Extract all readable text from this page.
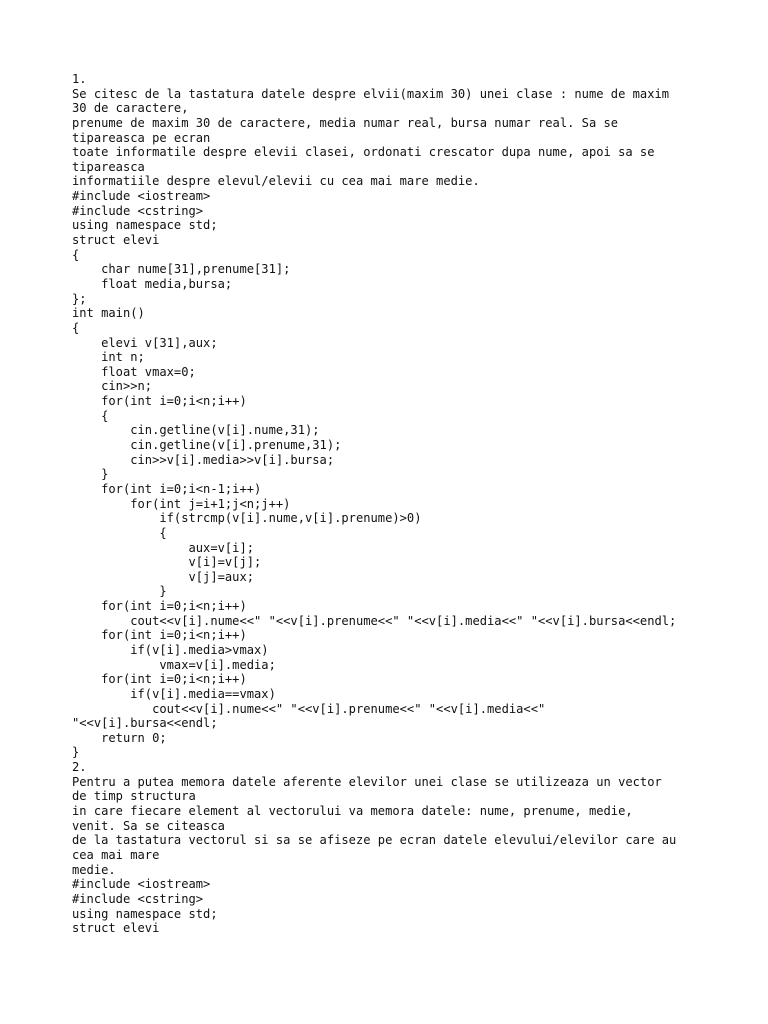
1.
Se citesc de la tastatura datele despre elvii(maxim 30) unei clase : nume de maxim
30 de caractere,
prenume de maxim 30 de caractere, media numar real, bursa numar real. Sa se
tipareasca pe ecran
toate informatile despre elevii clasei, ordonati crescator dupa nume, apoi sa se
tipareasca
informatiile despre elevul/elevii cu cea mai mare medie.
#include <iostream>
#include <cstring>
using namespace std;
struct elevi
{
char nume[31],prenume[31];
float media,bursa;
};
int main()
{
elevi v[31],aux;
int n;
float vmax=0;
cin>>n;
for(int i=0;i<n;i++)
{
cin.getline(v[i].nume,31);
cin.getline(v[i].prenume,31);
cin>>v[i].media>>v[i].bursa;
}
for(int i=0;i<n-1;i++)
for(int j=i+1;j<n;j++)
if(strcmp(v[i].nume,v[i].prenume)>0)
{
aux=v[i];
v[i]=v[j];
v[j]=aux;
}
for(int i=0;i<n;i++)
cout<<v[i].nume<<" "<<v[i].prenume<<" "<<v[i].media<<" "<<v[i].bursa<<endl;
for(int i=0;i<n;i++)
if(v[i].media>vmax)
vmax=v[i].media;
for(int i=0;i<n;i++)
if(v[i].media==vmax)
cout<<v[i].nume<<" "<<v[i].prenume<<" "<<v[i].media<<"
"<<v[i].bursa<<endl;
return 0;
}
2.
Pentru a putea memora datele aferente elevilor unei clase se utilizeaza un vector
de timp structura
in care fiecare element al vectorului va memora datele: nume, prenume, medie,
venit. Sa se citeasca
de la tastatura vectorul si sa se afiseze pe ecran datele elevului/elevilor care au
cea mai mare
medie.
#include <iostream>
#include <cstring>
using namespace std;
struct elevi
